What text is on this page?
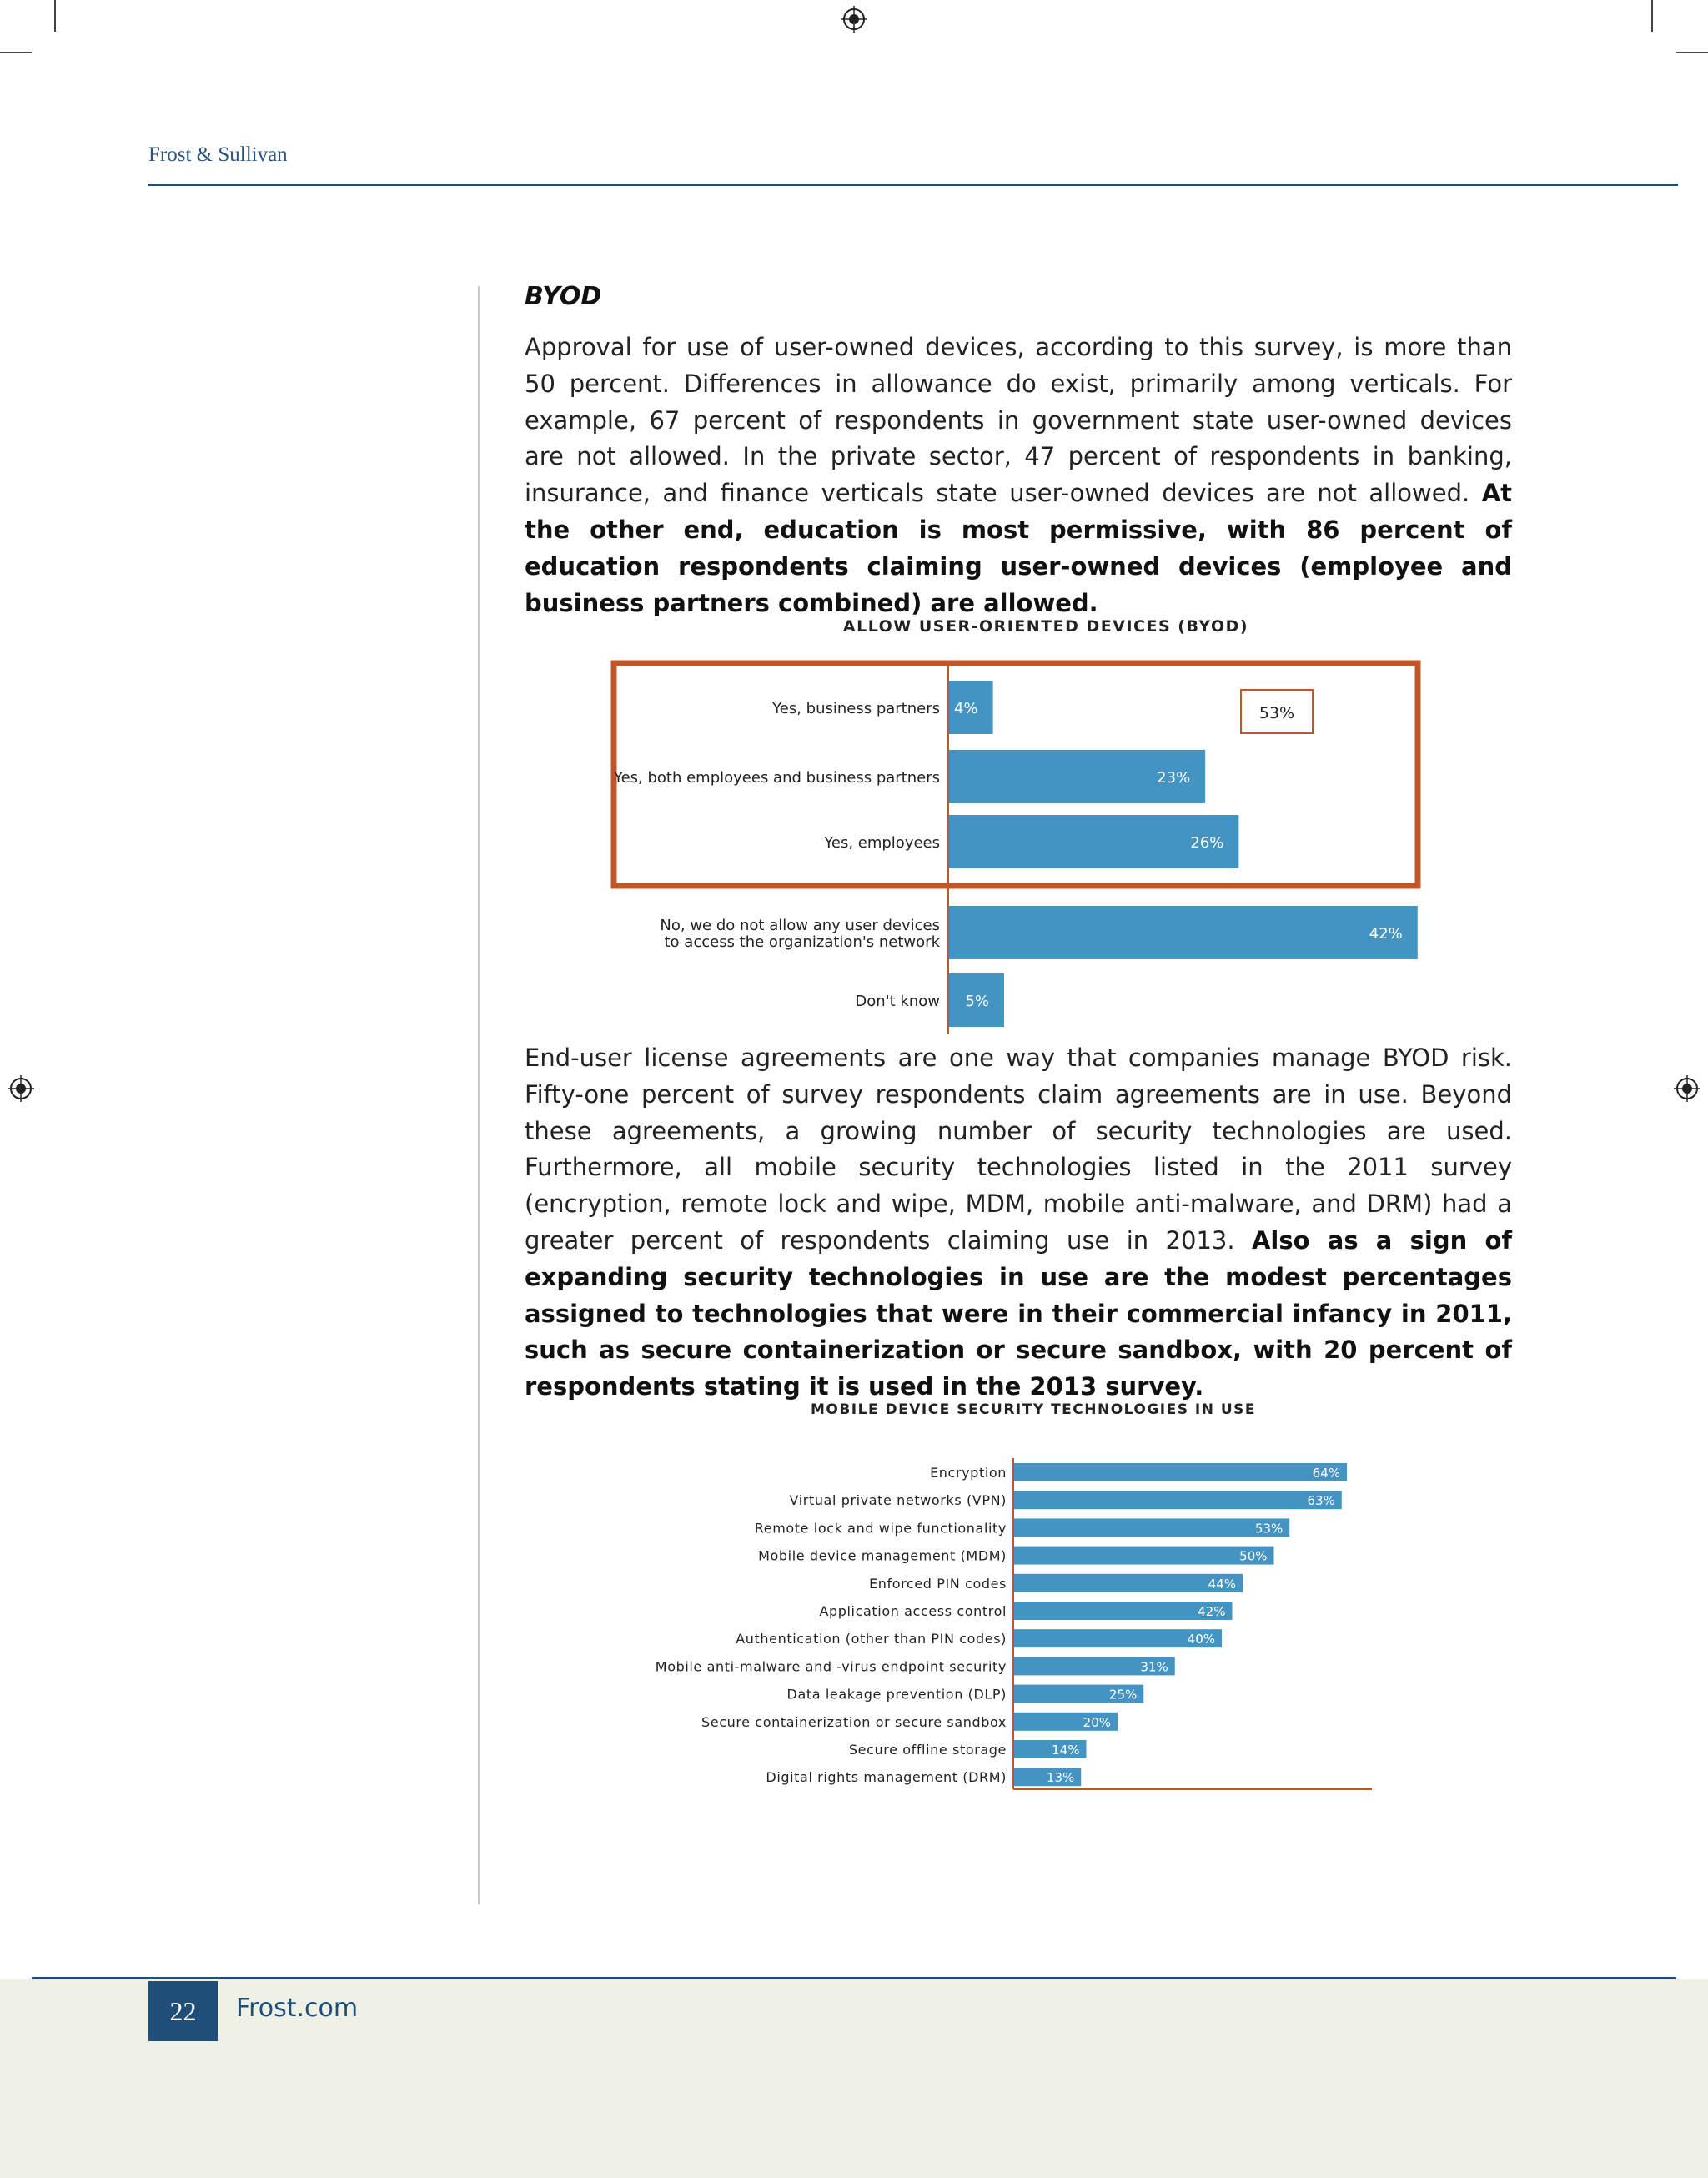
Frost & Sullivan
BYOD
Approval for use of user-owned devices, according to this survey, is more than 50 percent. Differences in allowance do exist, primarily among verticals. For example, 67 percent of respondents in government state user-owned devices are not allowed. In the private sector, 47 percent of respondents in banking, insurance, and finance verticals state user-owned devices are not allowed. At the other end, education is most permissive, with 86 percent of education respondents claiming user-owned devices (employee and business partners combined) are allowed.
ALLOW USER-ORIENTED DEVICES (BYOD)
4%
Yes, business partners
23%
Yes, both employees and business partners
26%
Yes, employees
42%
No, we do not allow any user devices
to access the organization's network
5%
Don't know
53%
End-user license agreements are one way that companies manage BYOD risk. Fifty-one percent of survey respondents claim agreements are in use. Beyond these agreements, a growing number of security technologies are used. Furthermore, all mobile security technologies listed in the 2011 survey (encryption, remote lock and wipe, MDM, mobile anti-malware, and DRM) had a greater percent of respondents claiming use in 2013. Also as a sign of expanding security technologies in use are the modest percentages assigned to technologies that were in their commercial infancy in 2011, such as secure containerization or secure sandbox, with 20 percent of respondents stating it is used in the 2013 survey.
MOBILE DEVICE SECURITY TECHNOLOGIES IN USE
64%
Encryption
63%
Virtual private networks (VPN)
53%
Remote lock and wipe functionality
50%
Mobile device management (MDM)
44%
Enforced PIN codes
42%
Application access control
40%
Authentication (other than PIN codes)
31%
Mobile anti-malware and -virus endpoint security
25%
Data leakage prevention (DLP)
20%
Secure containerization or secure sandbox
14%
Secure offline storage
13%
Digital rights management (DRM)
22	Frost.com
